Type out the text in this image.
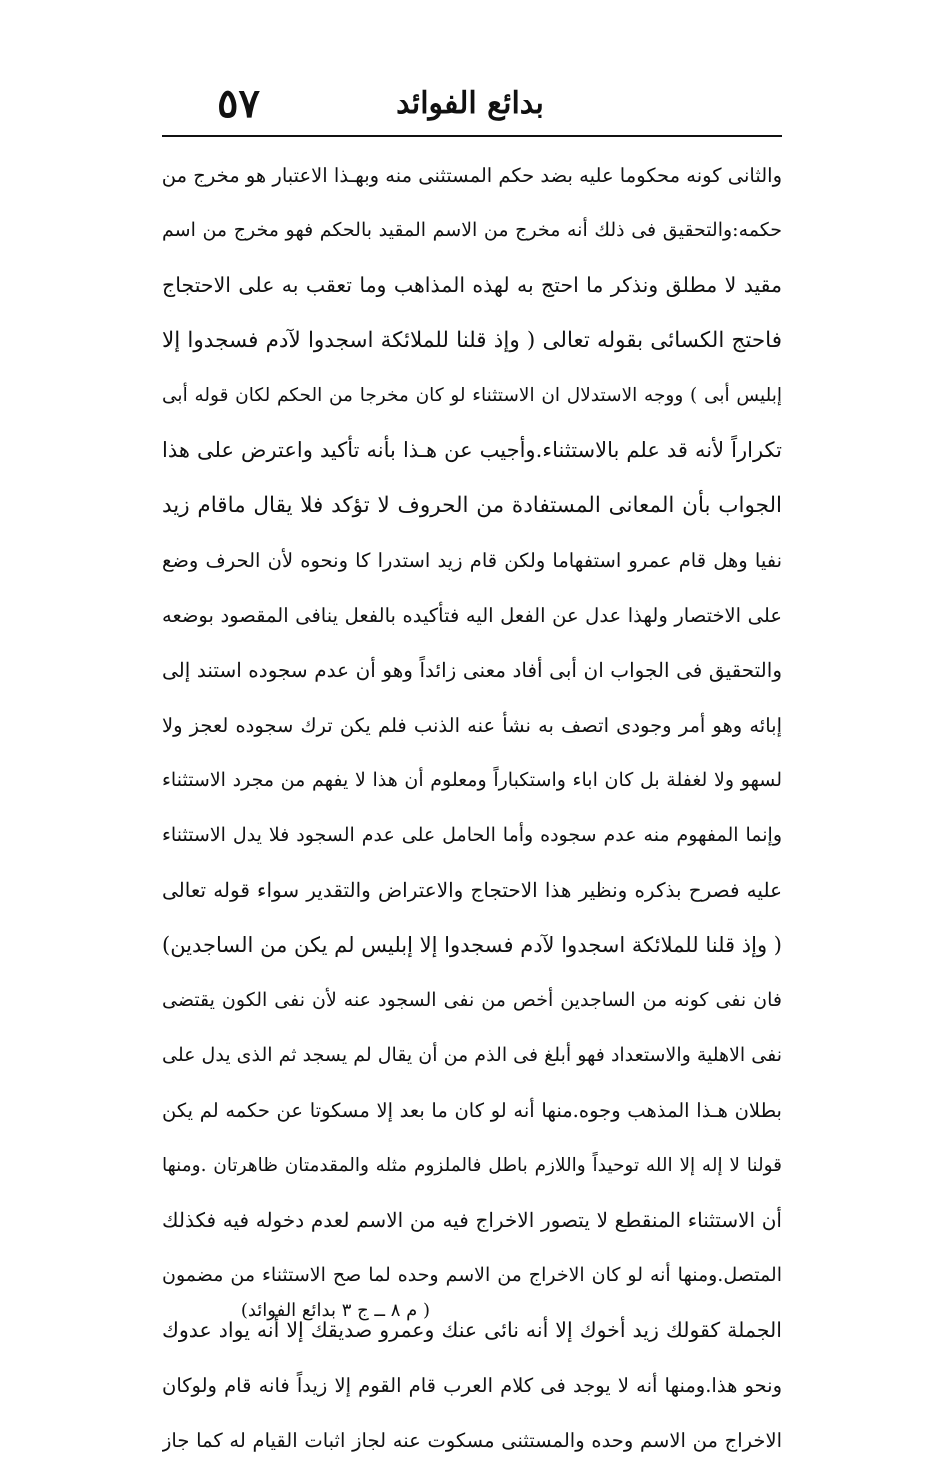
بدائع الفوائد
٥٧
والثانى كونه محكوما عليه بضد حكم المستثنى منه وبهـذا الاعتبار هو مخرج من
حكمه:والتحقيق فى ذلك أنه مخرج من الاسم المقيد بالحكم فهو مخرج من اسم
مقيد لا مطلق ونذكر ما احتج به لهذه المذاهب وما تعقب به على الاحتجاج
فاحتج الكسائى بقوله تعالى ( وإذ قلنا للملائكة اسجدوا لآدم فسجدوا إلا
إبليس أبى ) ووجه الاستدلال ان الاستثناء لو كان مخرجا من الحكم لكان قوله أبى
تكراراً لأنه قد علم بالاستثناء.وأجيب عن هـذا بأنه تأكيد واعترض على هذا
الجواب بأن المعانى المستفادة من الحروف لا تؤكد فلا يقال ماقام زيد
نفيا وهل قام عمرو استفهاما ولكن قام زيد استدرا كا ونحوه لأن الحرف وضع
على الاختصار ولهذا عدل عن الفعل اليه فتأكيده بالفعل ينافى المقصود بوضعه
والتحقيق فى الجواب ان أبى أفاد معنى زائداً وهو أن عدم سجوده استند إلى
إبائه وهو أمر وجودى اتصف به نشأ عنه الذنب فلم يكن ترك سجوده لعجز ولا
لسهو ولا لغفلة بل كان اباء واستكباراً ومعلوم أن هذا لا يفهم من مجرد الاستثناء
وإنما المفهوم منه عدم سجوده وأما الحامل على عدم السجود فلا يدل الاستثناء
عليه فصرح بذكره ونظير هذا الاحتجاج والاعتراض والتقدير سواء قوله تعالى
( وإذ قلنا للملائكة اسجدوا لآدم فسجدوا إلا إبليس لم يكن من الساجدين)
فان نفى كونه من الساجدين أخص من نفى السجود عنه لأن نفى الكون يقتضى
نفى الاهلية والاستعداد فهو أبلغ فى الذم من أن يقال لم يسجد ثم الذى يدل على
بطلان هـذا المذهب وجوه.منها أنه لو كان ما بعد إلا مسكوتا عن حكمه لم يكن
قولنا لا إله إلا الله توحيداً واللازم باطل فالملزوم مثله والمقدمتان ظاهرتان .ومنها
أن الاستثناء المنقطع لا يتصور الاخراج فيه من الاسم لعدم دخوله فيه فكذلك
المتصل.ومنها أنه لو كان الاخراج من الاسم وحده لما صح الاستثناء من مضمون
الجملة كقولك زيد أخوك إلا أنه نائى عنك وعمرو صديقك إلا أنه يواد عدوك
ونحو هذا.ومنها أنه لا يوجد فى كلام العرب قام القوم إلا زيداً فانه قام ولوكان
الاخراج من الاسم وحده والمستثنى مسكوت عنه لجاز اثبات القيام له كما جاز
( م ٨ ــ ج ٣ بدائع الفوائد)
